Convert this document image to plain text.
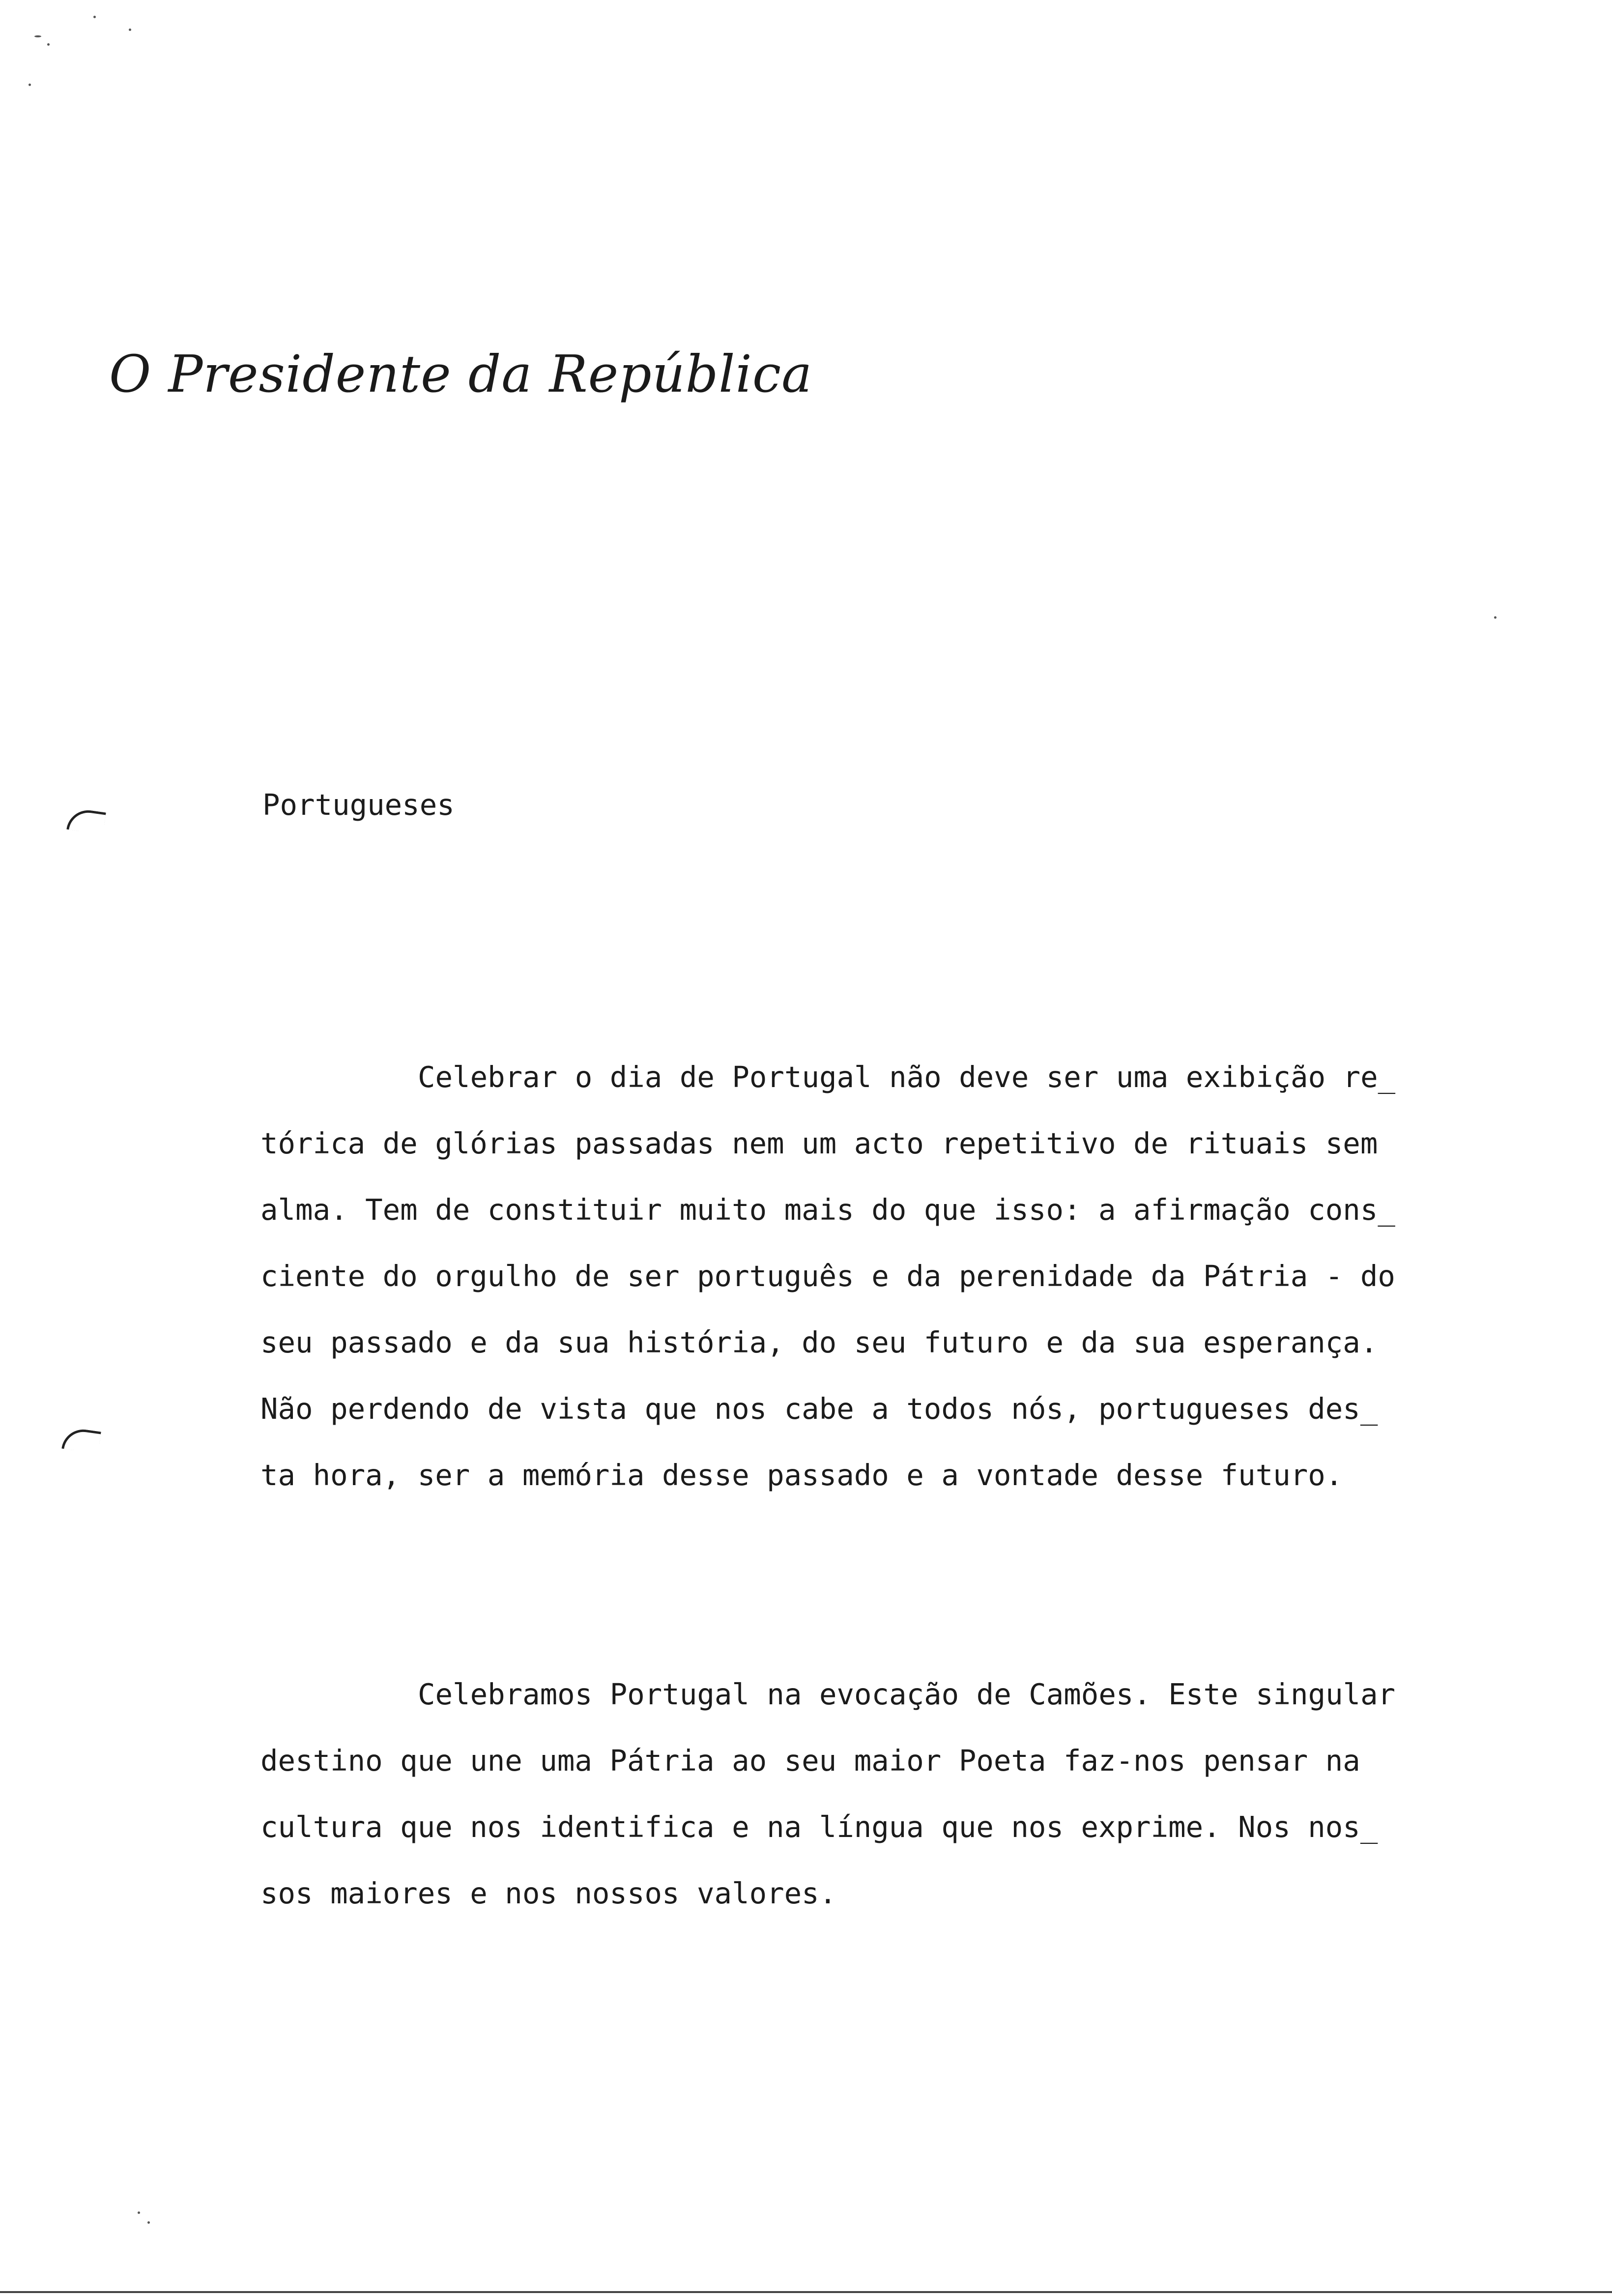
O Presidente da República
Portugueses
Celebrar o dia de Portugal não deve ser uma exibição re_
tórica de glórias passadas nem um acto repetitivo de rituais sem
alma. Tem de constituir muito mais do que isso: a afirmação cons_
ciente do orgulho de ser português e da perenidade da Pátria - do
seu passado e da sua história, do seu futuro e da sua esperança.
Não perdendo de vista que nos cabe a todos nós, portugueses des_
ta hora, ser a memória desse passado e a vontade desse futuro.
Celebramos Portugal na evocação de Camões. Este singular
destino que une uma Pátria ao seu maior Poeta faz-nos pensar na
cultura que nos identifica e na língua que nos exprime. Nos nos_
sos maiores e nos nossos valores.
